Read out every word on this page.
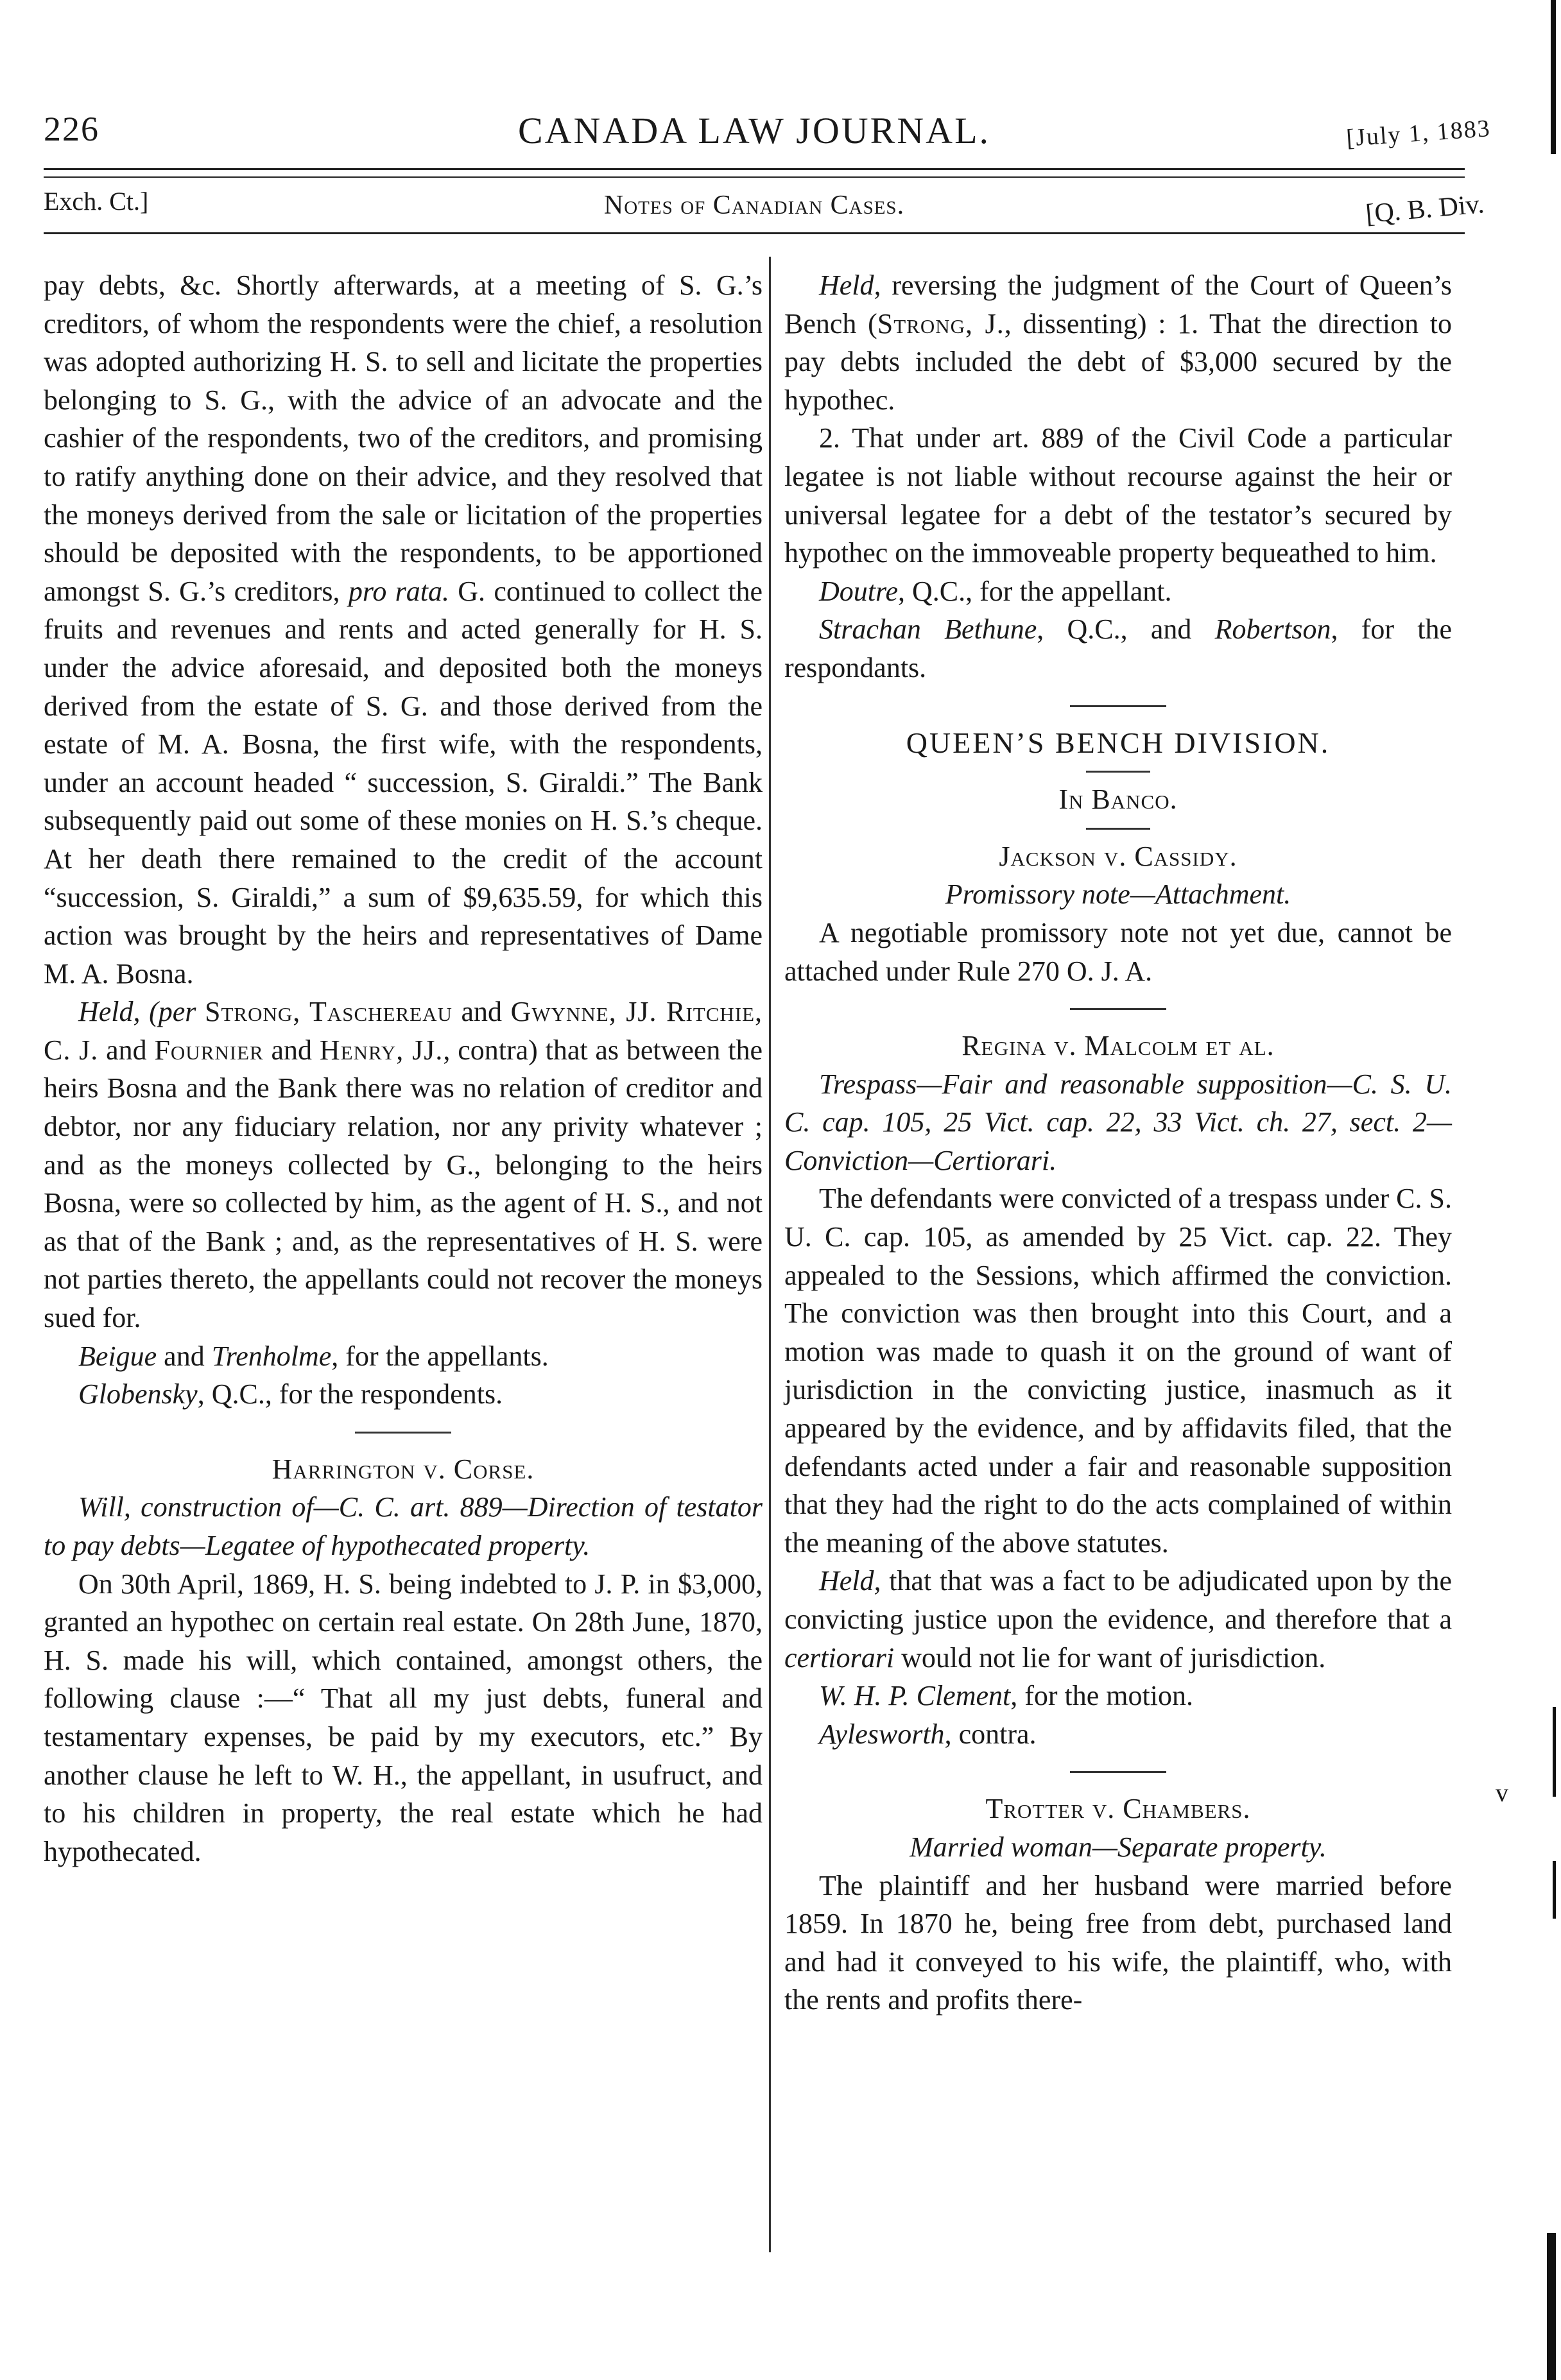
226	CANADA LAW JOURNAL.	[July 1, 1883
Exch. Ct.]	Notes of Canadian Cases.	[Q. B. Div.

pay debts, &c. Shortly afterwards, at a meeting of S. G.’s creditors, of whom the respondents were the chief, a resolution was adopted authorizing H. S. to sell and licitate the properties belonging to S. G., with the advice of an advocate and the cashier of the respondents, two of the creditors, and promising to ratify anything done on their advice, and they resolved that the moneys derived from the sale or licitation of the properties should be deposited with the respondents, to be apportioned amongst S. G.’s creditors, pro rata. G. continued to collect the fruits and revenues and rents and acted generally for H. S. under the advice aforesaid, and deposited both the moneys derived from the estate of S. G. and those derived from the estate of M. A. Bosna, the first wife, with the respondents, under an account headed “ succession, S. Giraldi.” The Bank subsequently paid out some of these monies on H. S.’s cheque. At her death there remained to the credit of the account “succession, S. Giraldi,” a sum of $9,635.59, for which this action was brought by the heirs and representatives of Dame M. A. Bosna.

Held, (per Strong, Taschereau and Gwynne, JJ. Ritchie, C. J. and Fournier and Henry, JJ., contra) that as between the heirs Bosna and the Bank there was no relation of creditor and debtor, nor any fiduciary relation, nor any privity whatever ; and as the moneys collected by G., belonging to the heirs Bosna, were so collected by him, as the agent of H. S., and not as that of the Bank ; and, as the representatives of H. S. were not parties thereto, the appellants could not recover the moneys sued for.

Beigue and Trenholme, for the appellants.

Globensky, Q.C., for the respondents.

Harrington v. Corse.

Will, construction of—C. C. art. 889—Direction of testator to pay debts—Legatee of hypothecated property.

On 30th April, 1869, H. S. being indebted to J. P. in $3,000, granted an hypothec on certain real estate. On 28th June, 1870, H. S. made his will, which contained, amongst others, the following clause :—“ That all my just debts, funeral and testamentary expenses, be paid by my executors, etc.” By another clause he left to W. H., the appellant, in usufruct, and to his children in property, the real estate which he had hypothecated.

Held, reversing the judgment of the Court of Queen’s Bench (Strong, J., dissenting) : 1. That the direction to pay debts included the debt of $3,000 secured by the hypothec.

2. That under art. 889 of the Civil Code a particular legatee is not liable without recourse against the heir or universal legatee for a debt of the testator’s secured by hypothec on the immoveable property bequeathed to him.

Doutre, Q.C., for the appellant.

Strachan Bethune, Q.C., and Robertson, for the respondants.

QUEEN’S BENCH DIVISION.
In Banco.
Jackson v. Cassidy.

Promissory note—Attachment.

A negotiable promissory note not yet due, cannot be attached under Rule 270 O. J. A.

Regina v. Malcolm et al.

Trespass—Fair and reasonable supposition—C. S. U. C. cap. 105, 25 Vict. cap. 22, 33 Vict. ch. 27, sect. 2—Conviction—Certiorari.

The defendants were convicted of a trespass under C. S. U. C. cap. 105, as amended by 25 Vict. cap. 22. They appealed to the Sessions, which affirmed the conviction. The conviction was then brought into this Court, and a motion was made to quash it on the ground of want of jurisdiction in the convicting justice, inasmuch as it appeared by the evidence, and by affidavits filed, that the defendants acted under a fair and reasonable supposition that they had the right to do the acts complained of within the meaning of the above statutes.

Held, that that was a fact to be adjudicated upon by the convicting justice upon the evidence, and therefore that a certiorari would not lie for want of jurisdiction.

W. H. P. Clement, for the motion.

Aylesworth, contra.

Trotter v. Chambers.

Married woman—Separate property.

The plaintiff and her husband were married before 1859. In 1870 he, being free from debt, purchased land and had it conveyed to his wife, the plaintiff, who, with the rents and profits there-

v
